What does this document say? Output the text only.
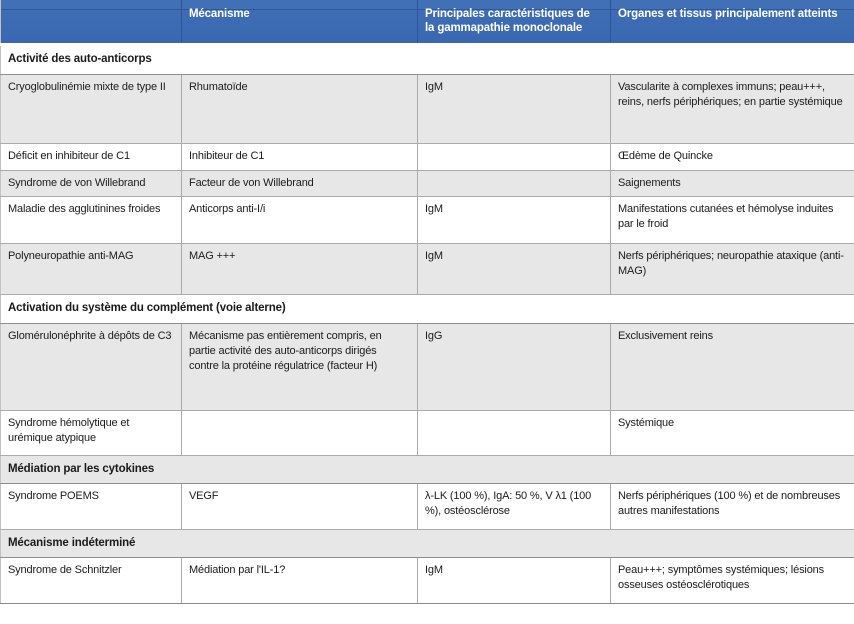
	Mécanisme	Principales caractéristiques de la gammapathie monoclonale	Organes et tissus principalement atteints
Activité des auto-anticorps			
Cryoglobulinémie mixte de type II	Rhumatoïde	IgM	Vascularite à complexes immuns; peau+++, reins, nerfs périphériques; en partie systémique
Déficit en inhibiteur de C1	Inhibiteur de C1		Œdème de Quincke
Syndrome de von Willebrand	Facteur de von Willebrand		Saignements
Maladie des agglutinines froides	Anticorps anti-I/i	IgM	Manifestations cutanées et hémolyse induites par le froid
Polyneuropathie anti-MAG	MAG +++	IgM	Nerfs périphériques; neuropathie ataxique (anti-MAG)
Activation du système du complément (voie alterne)			
Glomérulonéphrite à dépôts de C3	Mécanisme pas entièrement compris, en partie activité des auto-anticorps dirigés contre la protéine régulatrice (facteur H)	IgG	Exclusivement reins
Syndrome hémolytique et urémique atypique			Systémique
Médiation par les cytokines			
Syndrome POEMS	VEGF	λ-LK (100 %), IgA: 50 %, V λ1 (100 %), ostéosclérose	Nerfs périphériques (100 %) et de nombreuses autres manifestations
Mécanisme indéterminé			
Syndrome de Schnitzler	Médiation par l'IL-1?	IgM	Peau+++; symptômes systémiques; lésions osseuses ostéosclérotiques
